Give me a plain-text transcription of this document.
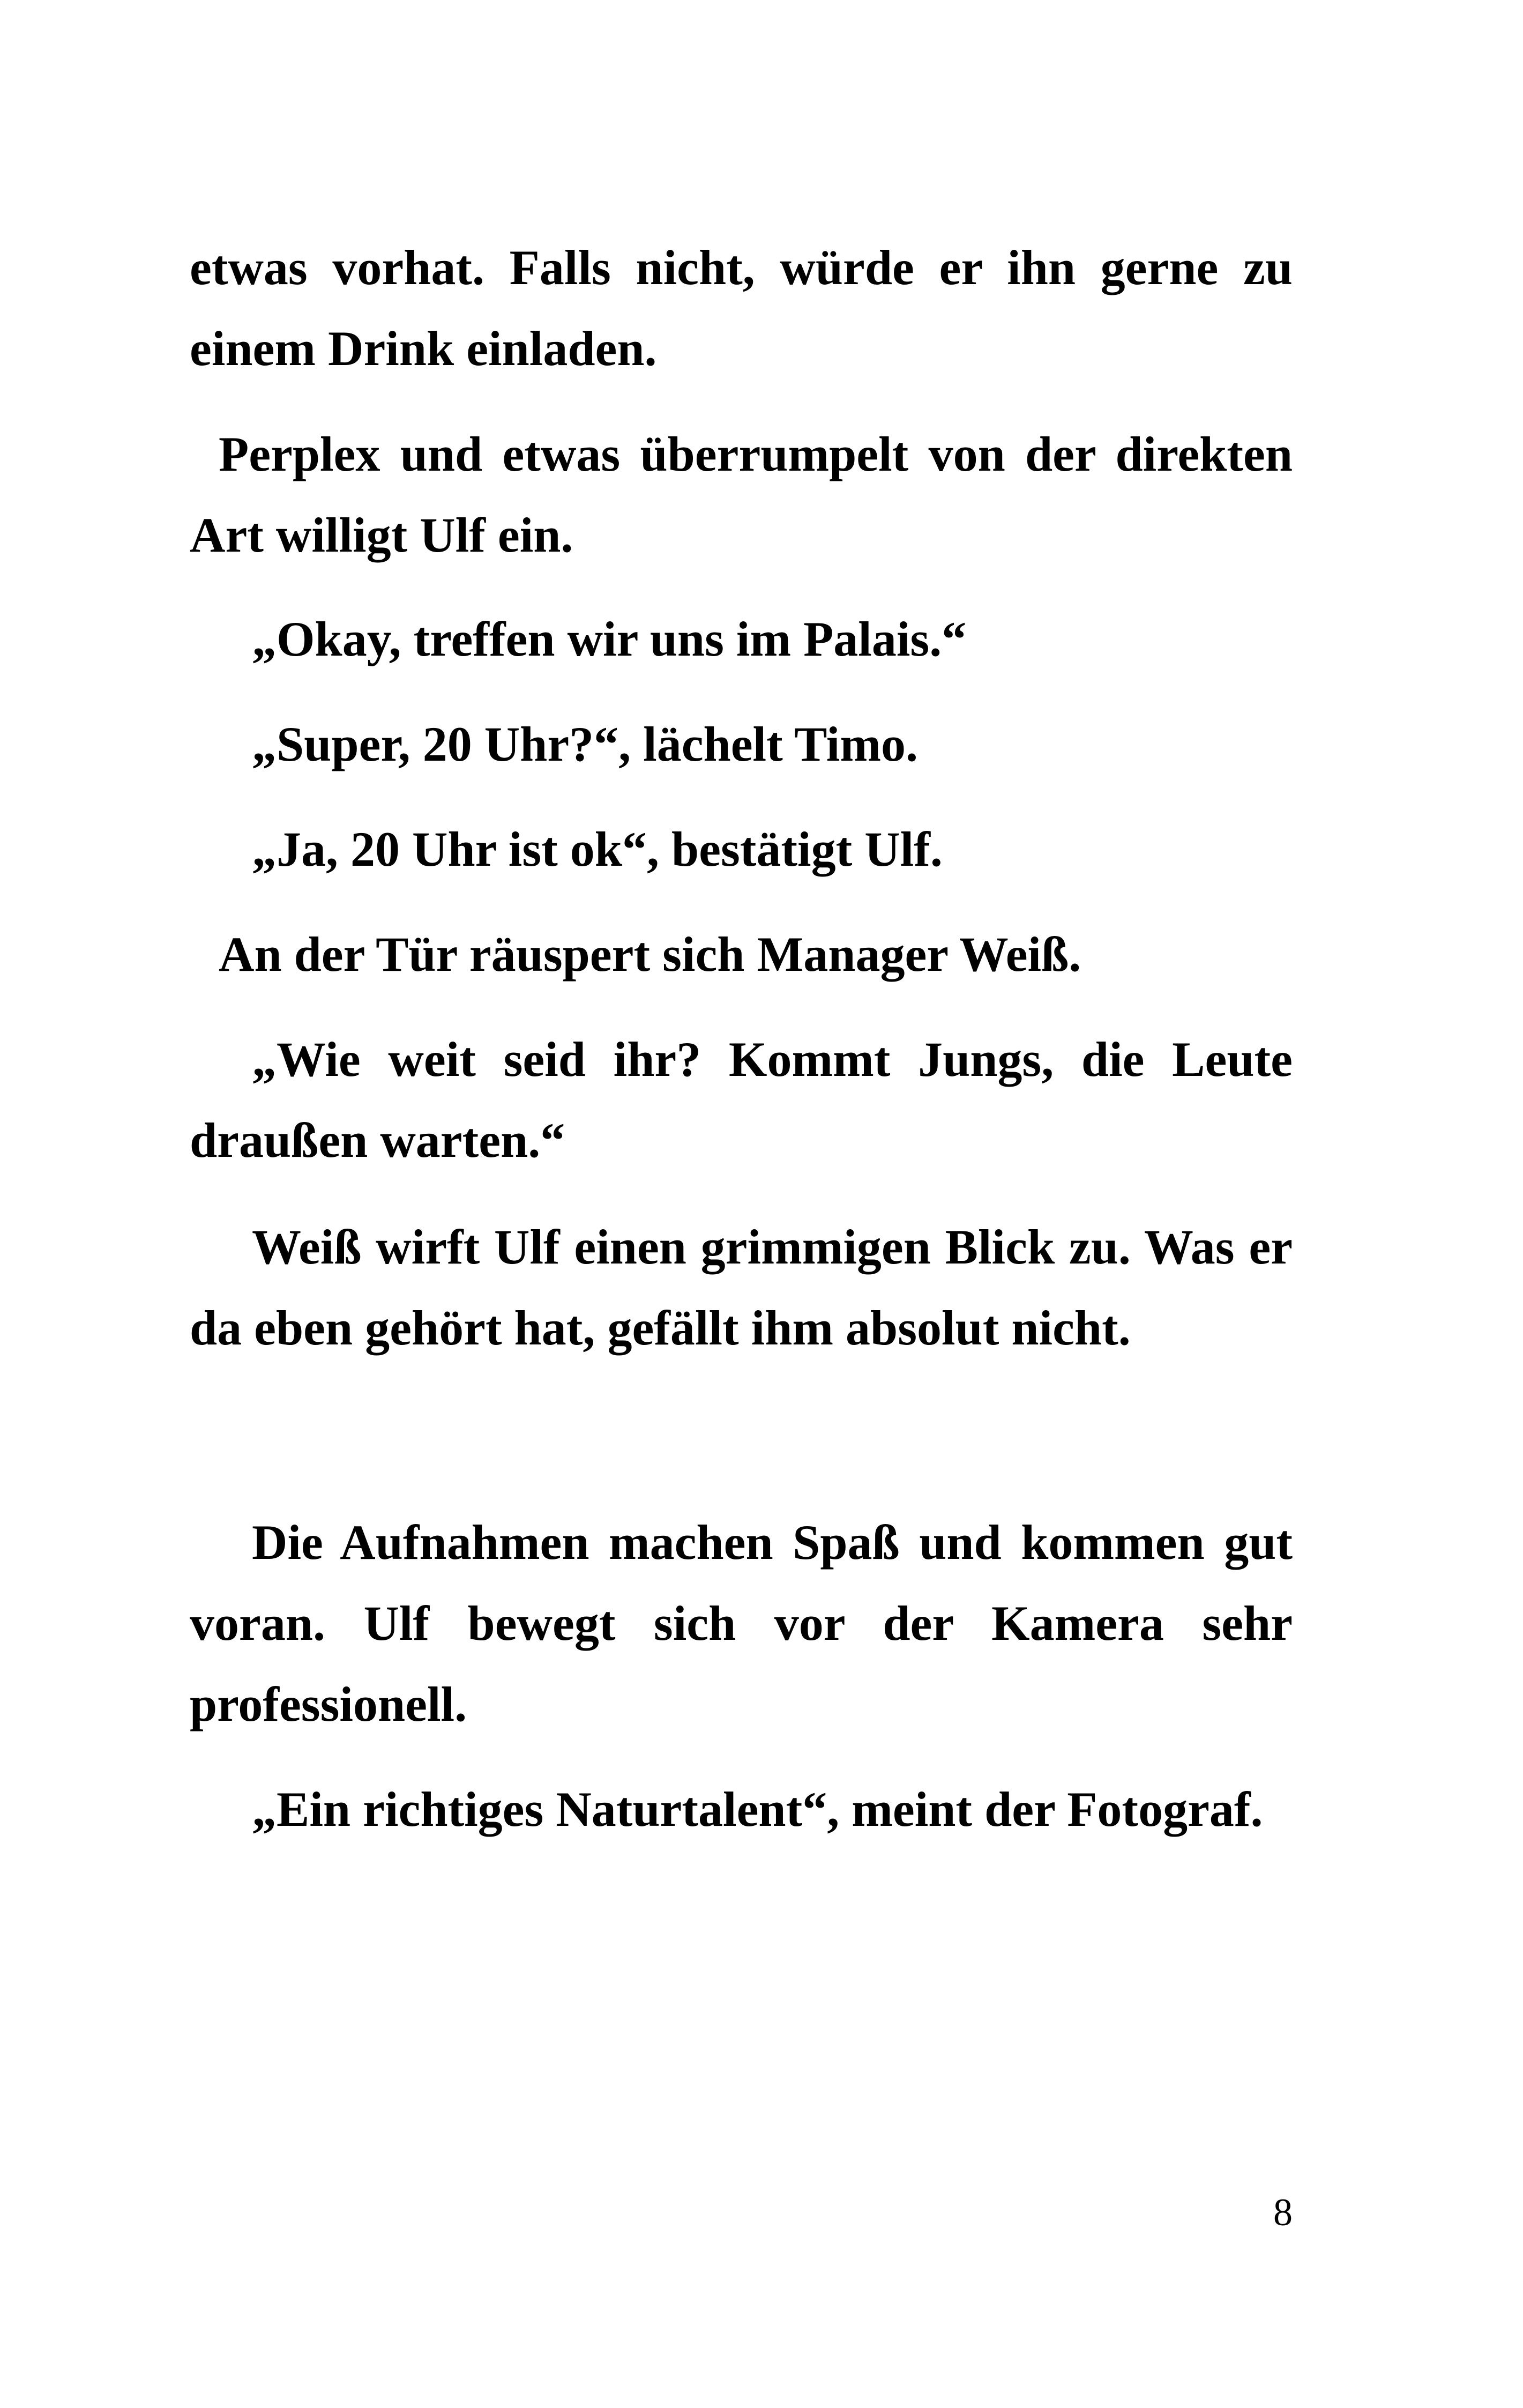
etwas vorhat. Falls nicht, würde er ihn gerne zu einem Drink einladen.

Perplex und etwas überrumpelt von der direkten Art willigt Ulf ein.

„Okay, treffen wir uns im Palais.“

„Super, 20 Uhr?“, lächelt Timo.

„Ja, 20 Uhr ist ok“, bestätigt Ulf.

An der Tür räuspert sich Manager Weiß.

„Wie weit seid ihr? Kommt Jungs, die Leute draußen warten.“

Weiß wirft Ulf einen grimmigen Blick zu. Was er da eben gehört hat, gefällt ihm absolut nicht.

Die Aufnahmen machen Spaß und kommen gut voran. Ulf bewegt sich vor der Kamera sehr professionell.

„Ein richtiges Naturtalent“, meint der Fotograf.

8
